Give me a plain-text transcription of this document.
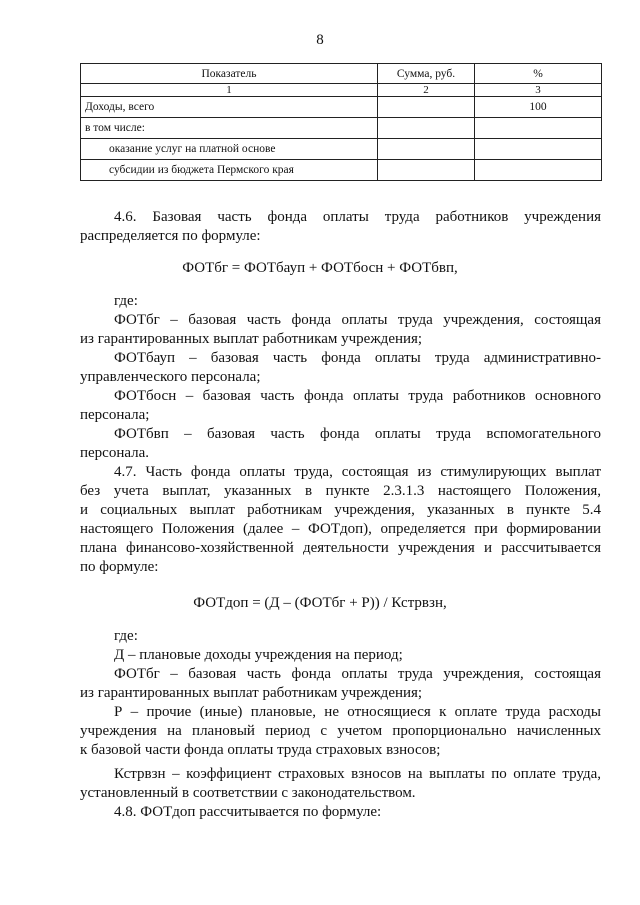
8
Показатель	Сумма, руб.	%
1	2	3
Доходы, всего		100
в том числе:		
оказание услуг на платной основе		
субсидии из бюджета Пермского края		
4.6. Базовая часть фонда оплаты труда работников учреждения
распределяется по формуле:
ФОТбг = ФОТбауп + ФОТбосн + ФОТбвп,
где:
ФОТбг – базовая часть фонда оплаты труда учреждения, состоящая
из гарантированных выплат работникам учреждения;
ФОТбауп – базовая часть фонда оплаты труда административно-
управленческого персонала;
ФОТбосн – базовая часть фонда оплаты труда работников основного
персонала;
ФОТбвп – базовая часть фонда оплаты труда вспомогательного
персонала.
4.7. Часть фонда оплаты труда, состоящая из стимулирующих выплат
без учета выплат, указанных в пункте 2.3.1.3 настоящего Положения,
и социальных выплат работникам учреждения, указанных в пункте 5.4
настоящего Положения (далее – ФОТдоп), определяется при формировании
плана финансово-хозяйственной деятельности учреждения и рассчитывается
по формуле:
ФОТдоп = (Д – (ФОТбг + Р)) / Кстрвзн,
где:
Д – плановые доходы учреждения на период;
ФОТбг – базовая часть фонда оплаты труда учреждения, состоящая
из гарантированных выплат работникам учреждения;
Р – прочие (иные) плановые, не относящиеся к оплате труда расходы
учреждения на плановый период с учетом пропорционально начисленных
к базовой части фонда оплаты труда страховых взносов;
Кстрвзн – коэффициент страховых взносов на выплаты по оплате труда,
установленный в соответствии с законодательством.
4.8. ФОТдоп рассчитывается по формуле:
